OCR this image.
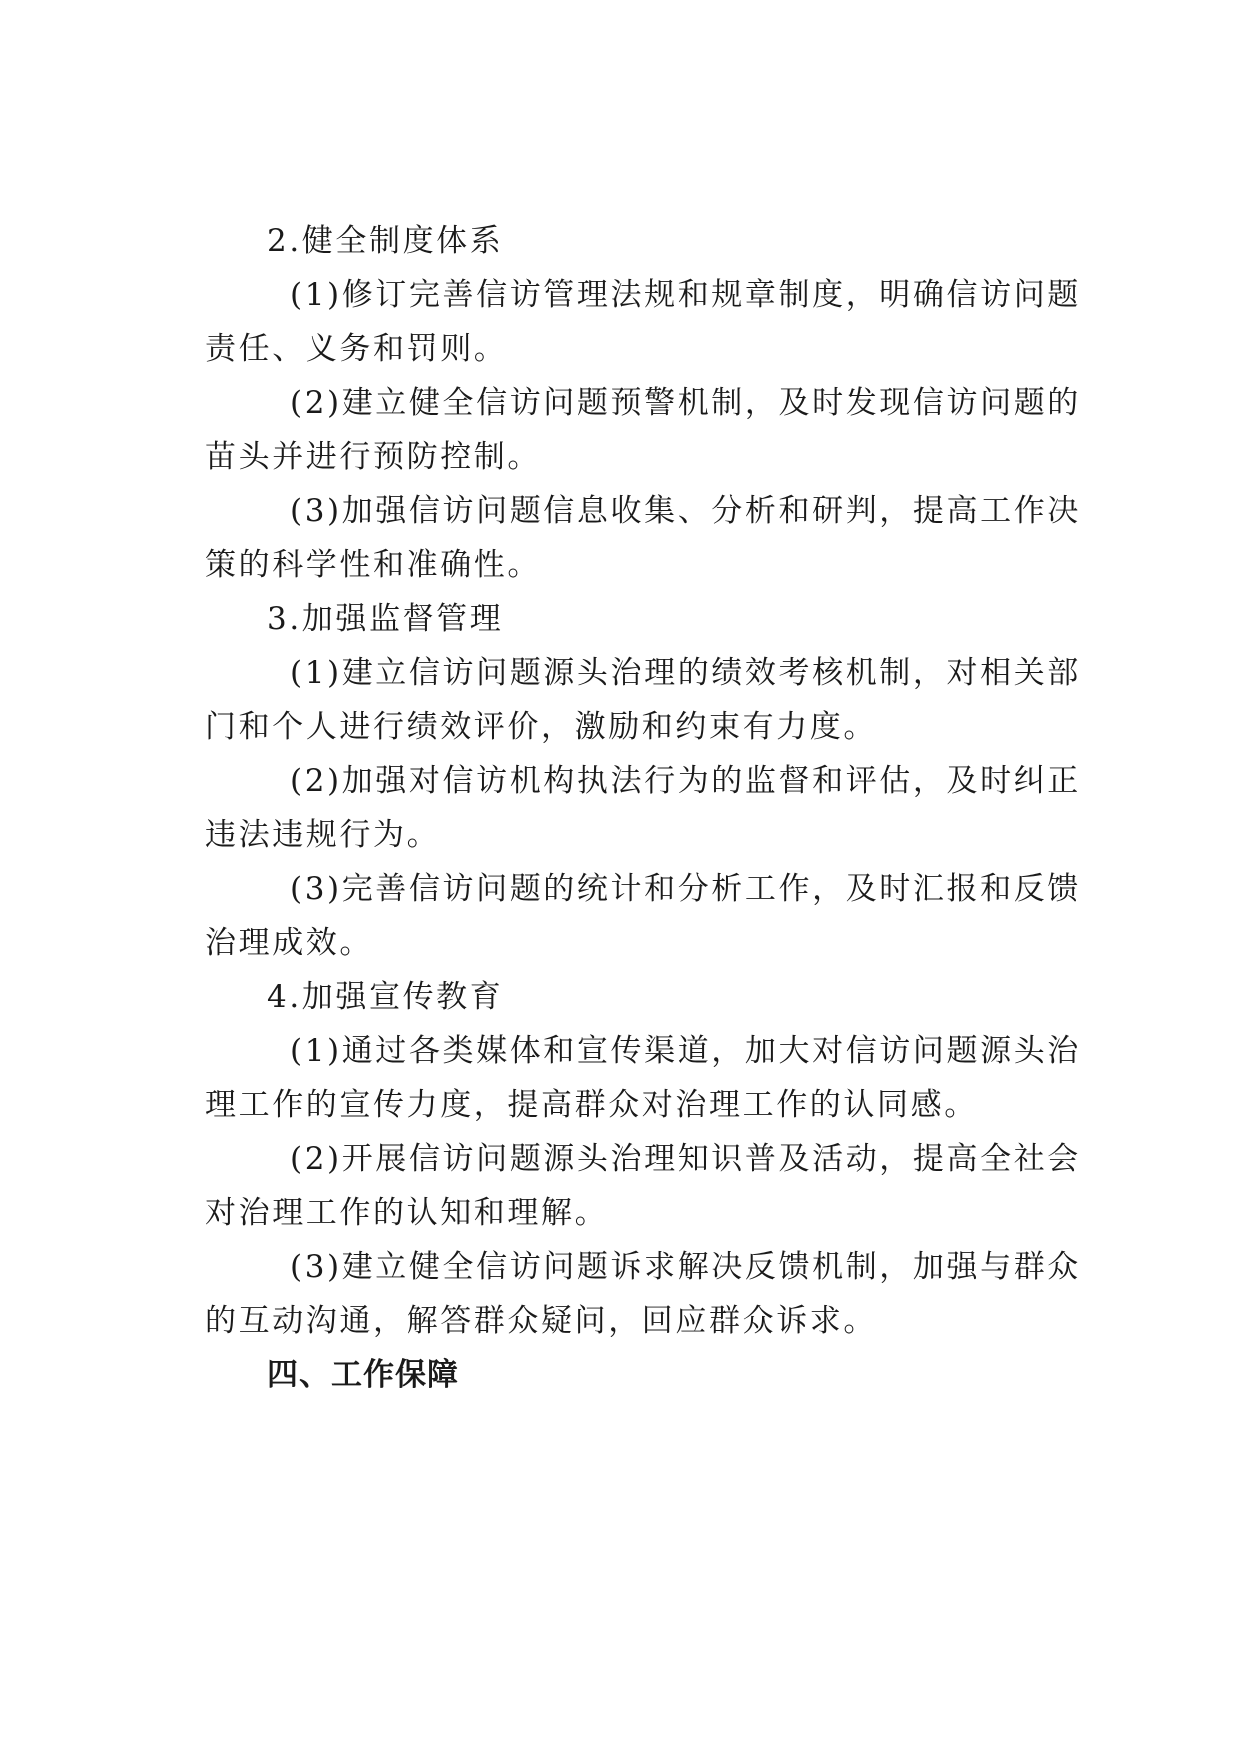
2.健全制度体系
(1)修订完善信访管理法规和规章制度，明确信访问题
责任、义务和罚则。
(2)建立健全信访问题预警机制，及时发现信访问题的
苗头并进行预防控制。
(3)加强信访问题信息收集、分析和研判，提高工作决
策的科学性和准确性。
3.加强监督管理
(1)建立信访问题源头治理的绩效考核机制，对相关部
门和个人进行绩效评价，激励和约束有力度。
(2)加强对信访机构执法行为的监督和评估，及时纠正
违法违规行为。
(3)完善信访问题的统计和分析工作，及时汇报和反馈
治理成效。
4.加强宣传教育
(1)通过各类媒体和宣传渠道，加大对信访问题源头治
理工作的宣传力度，提高群众对治理工作的认同感。
(2)开展信访问题源头治理知识普及活动，提高全社会
对治理工作的认知和理解。
(3)建立健全信访问题诉求解决反馈机制，加强与群众
的互动沟通，解答群众疑问，回应群众诉求。
四、工作保障
